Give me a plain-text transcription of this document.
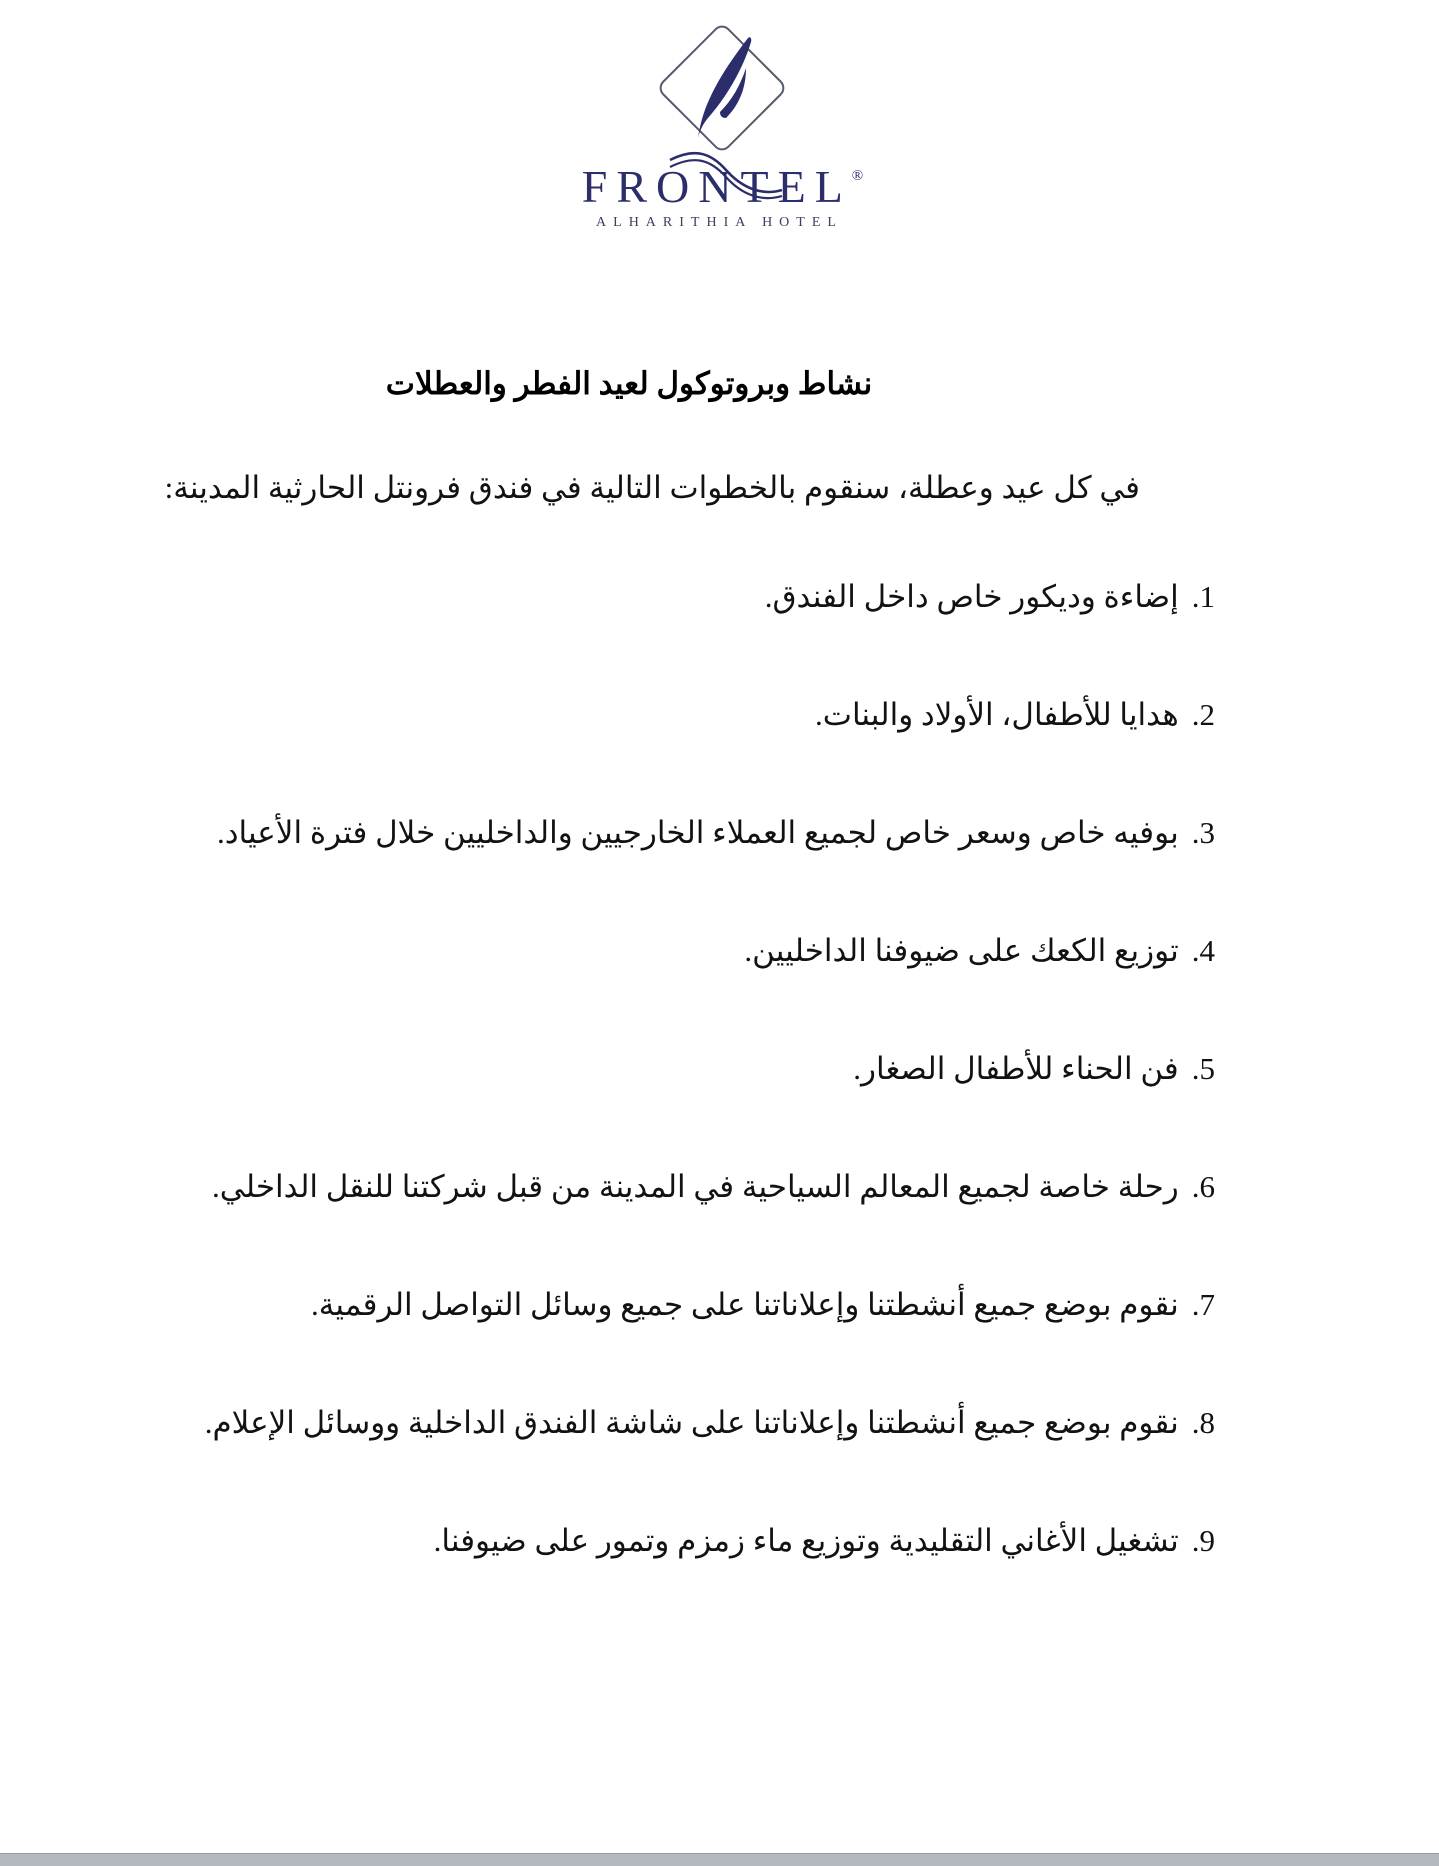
FRO N TEL ®
ALHARITHIA HOTEL
نشاط وبروتوكول لعيد الفطر والعطلات
في كل عيد وعطلة، سنقوم بالخطوات التالية في فندق فرونتل الحارثية المدينة:
1.
إضاءة وديكور خاص داخل الفندق.
2.
هدايا للأطفال، الأولاد والبنات.
3.
بوفيه خاص وسعر خاص لجميع العملاء الخارجيين والداخليين خلال فترة الأعياد.
4.
توزيع الكعك على ضيوفنا الداخليين.
5.
فن الحناء للأطفال الصغار.
6.
رحلة خاصة لجميع المعالم السياحية في المدينة من قبل شركتنا للنقل الداخلي.
7.
نقوم بوضع جميع أنشطتنا وإعلاناتنا على جميع وسائل التواصل الرقمية.
8.
نقوم بوضع جميع أنشطتنا وإعلاناتنا على شاشة الفندق الداخلية ووسائل الإعلام.
9.
تشغيل الأغاني التقليدية وتوزيع ماء زمزم وتمور على ضيوفنا.
